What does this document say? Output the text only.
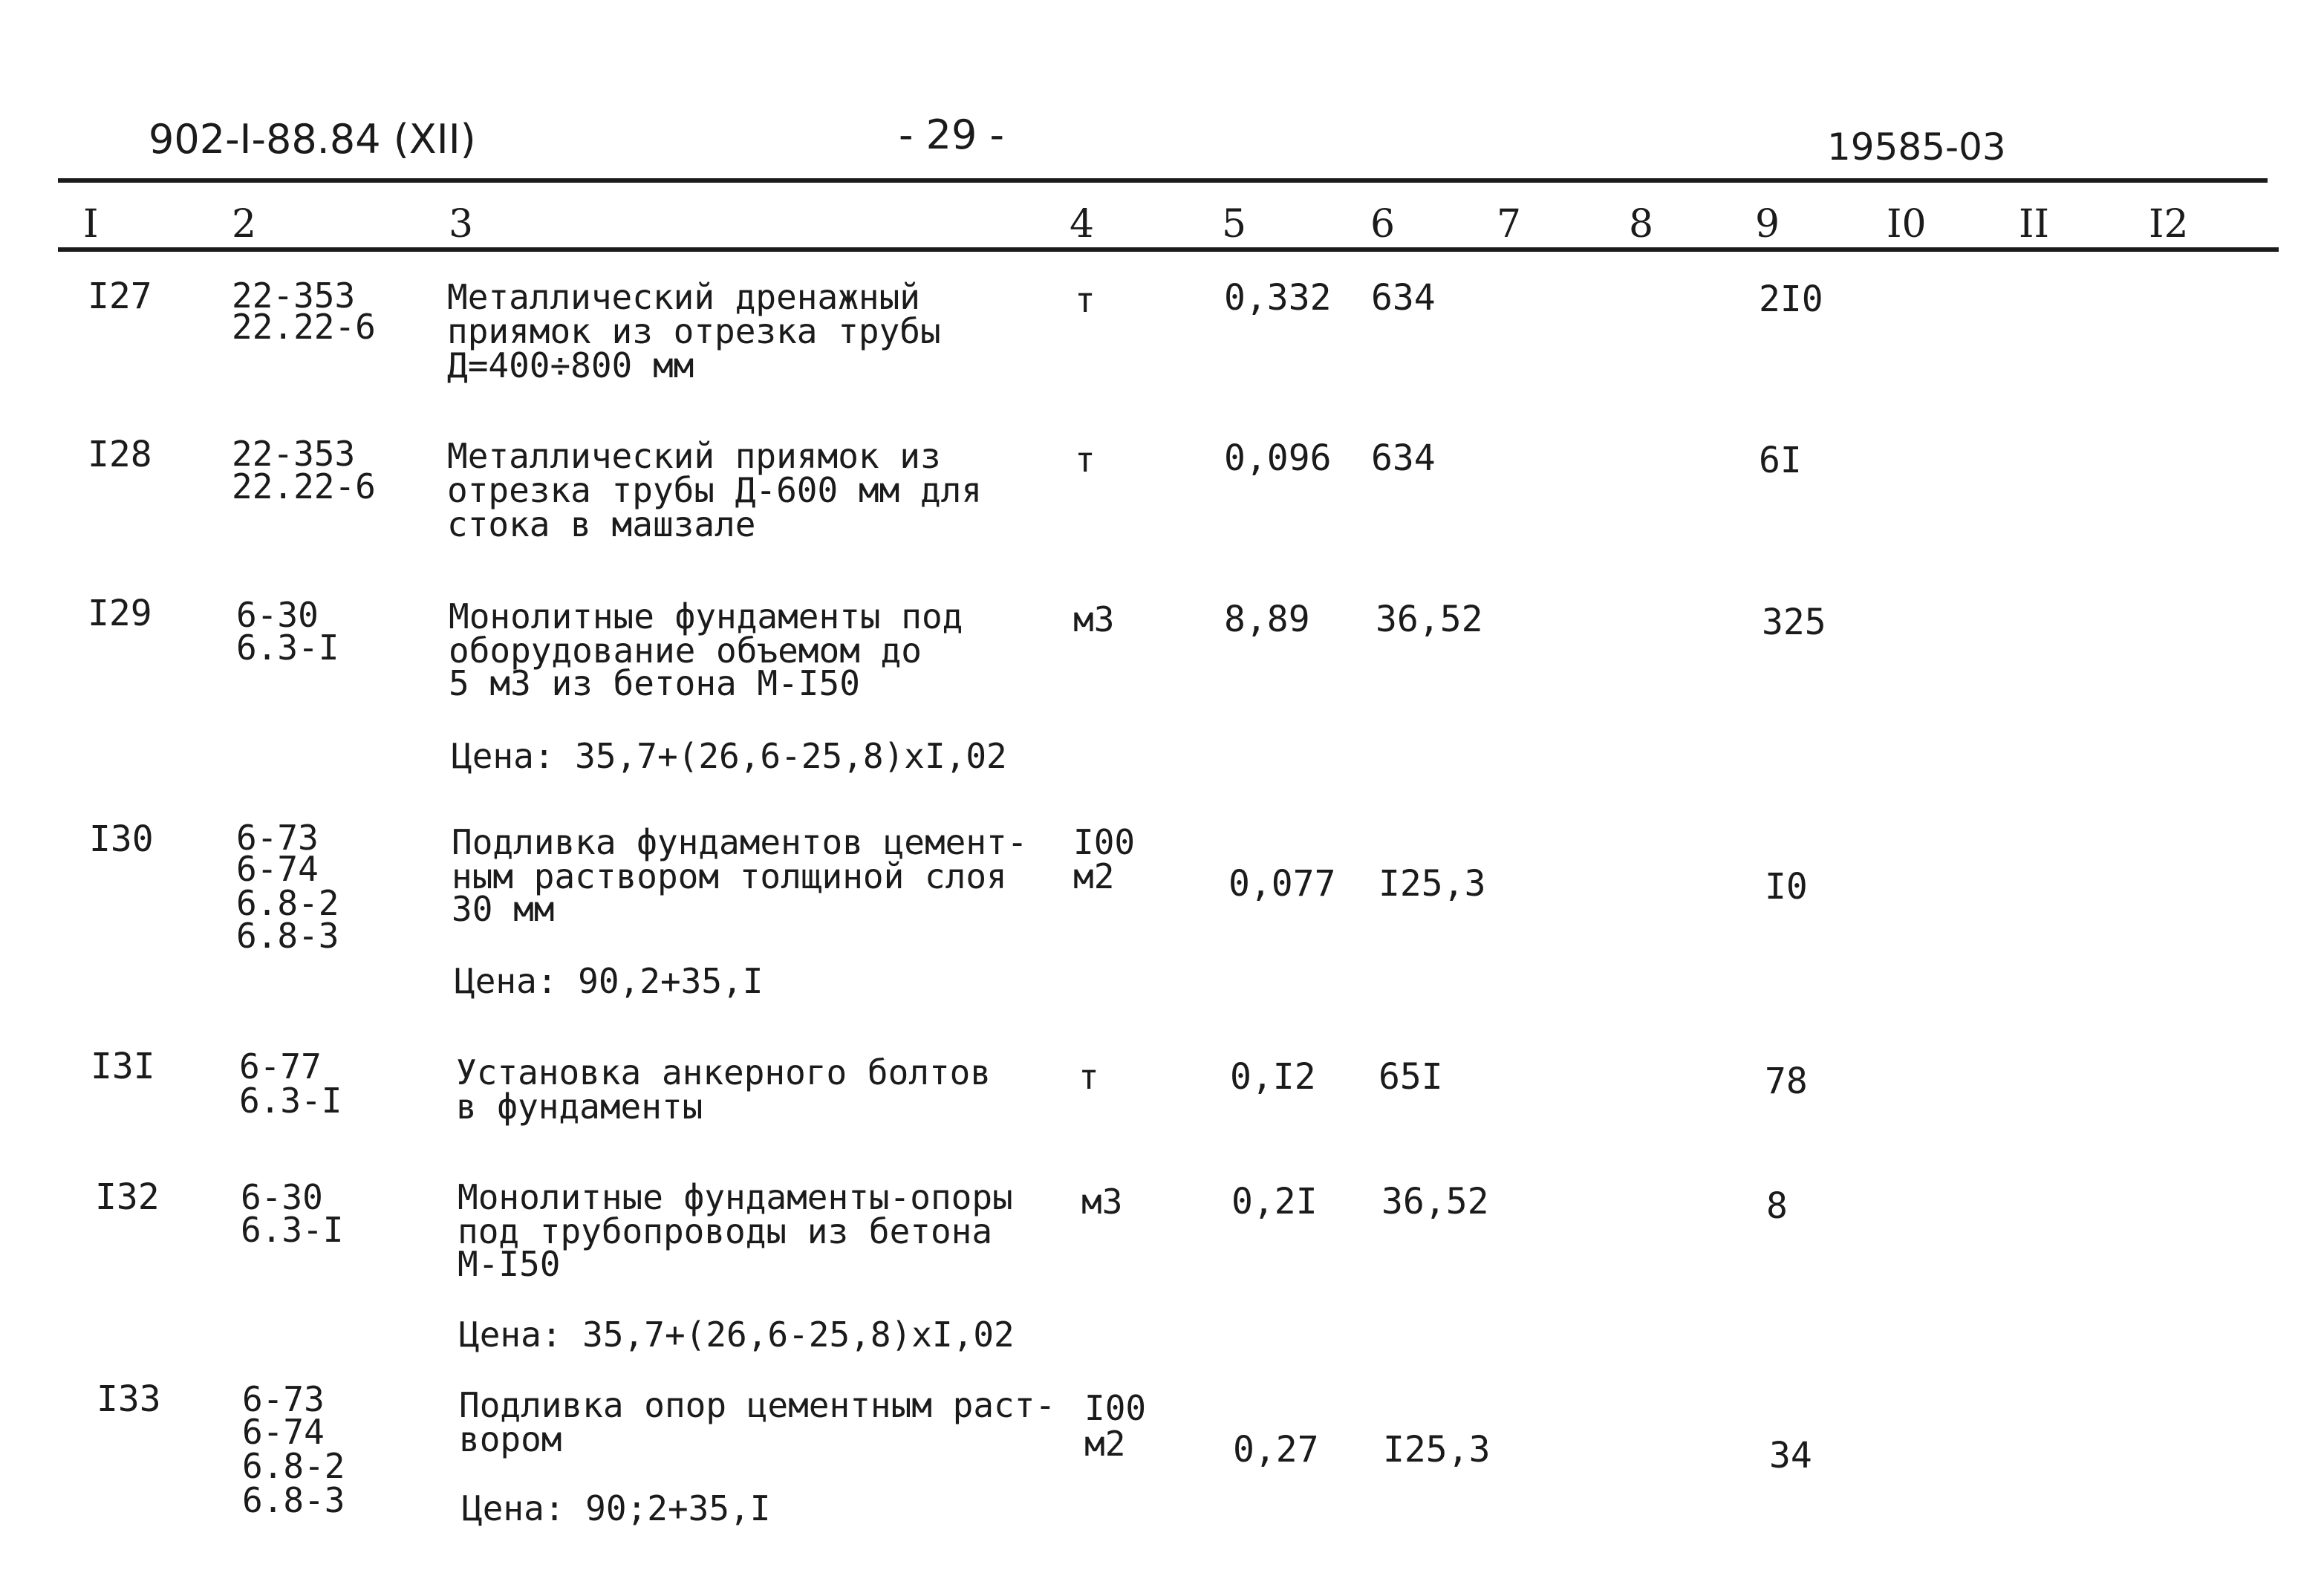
902-I-88.84 (XII)	- 29 -	19585-03
I	2	3	4	5	6	7	8	9	I0 II	I2
I27 22-353
22.22-6
Металлический дренажный
приямок из отрезка трубы
Д=400÷800 мм
т	0,332 634	2I0
I28 22-353
22.22-6
Металлический приямок из
отрезка трубы Д-600 мм для
стока в машзале
т	0,096 634	6I
I29 6-30
6.3-I
Монолитные фундаменты под
оборудование объемом до
5 м3 из бетона М-I50
м3	8,89 36,52	325
Цена: 35,7+(26,6-25,8)xI,02
I30 6-73
6-74
6.8-2
6.8-3
Подливка фундаментов цемент-
ным раствором толщиной слоя
30 мм
I00
м2	0,077 I25,3	I0
Цена: 90,2+35,I
I3I 6-77
6.3-I
Установка анкерного болтов
в фундаменты
т	0,I2 65I	78
I32 6-30
6.3-I
Монолитные фундаменты-опоры
под трубопроводы из бетона
М-I50
м3	0,2I 36,52	8
Цена: 35,7+(26,6-25,8)xI,02
I33 6-73
6-74
6.8-2
6.8-3
Подливка опор цементным раст-
вором
I00
м2	0,27 I25,3	34
Цена: 90;2+35,I
